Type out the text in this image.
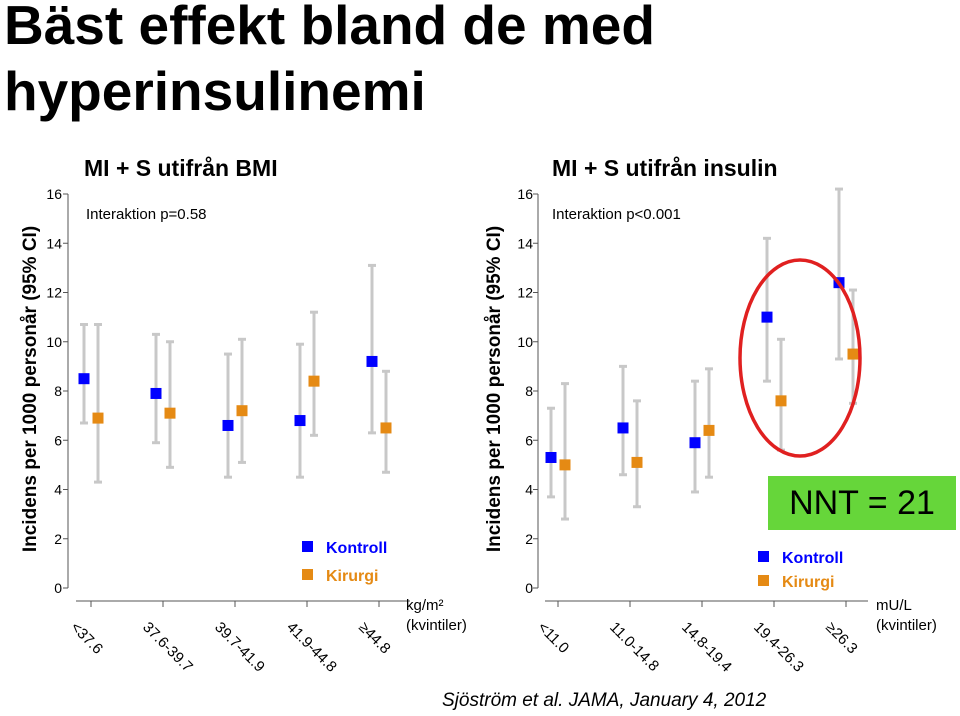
Bäst effekt bland de med hyperinsulinemi
MI + S utifrån BMI
Interaktion p=0.58
Incidens per 1000 personår (95% CI)
0
2
4
6
8
10
12
14
16
<37.6 37.6-39.7 39.7-41.9 41.9-44.8 ≥44.8
kg/m² (kvintiler)
Kontroll
Kirurgi
MI + S utifrån insulin
Interaktion p<0.001
Incidens per 1000 personår (95% CI)
0
2
4
6
8
10
12
14
16
<11.0 11.0-14.8 14.8-19.4 19.4-26.3 ≥26.3
mU/L (kvintiler)
Kontroll
Kirurgi
NNT = 21
Sjöström et al. JAMA, January 4, 2012
